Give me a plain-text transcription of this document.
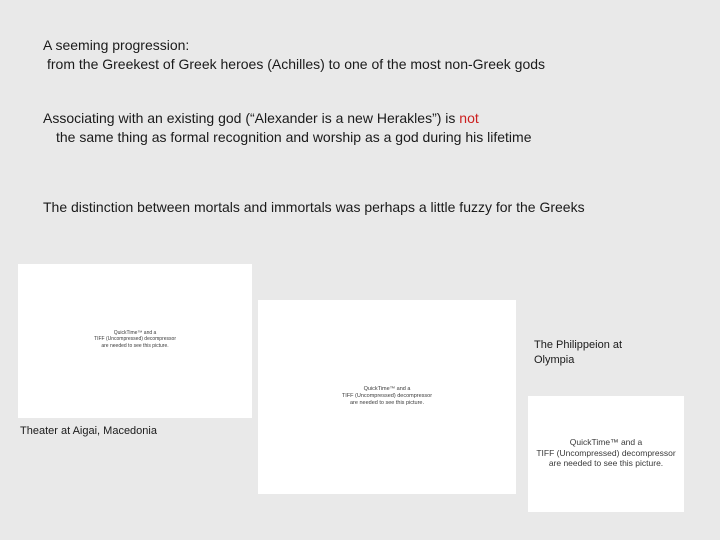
A seeming progression:
from the Greekest of Greek heroes (Achilles) to one of the most non-Greek gods
Associating with an existing god (“Alexander is a new Herakles”) is not
the same thing as formal recognition and worship as a god during his lifetime
The distinction between mortals and immortals was perhaps a little fuzzy for the Greeks
QuickTime™ and a
TIFF (Uncompressed) decompressor
are needed to see this picture.
QuickTime™ and a
TIFF (Uncompressed) decompressor
are needed to see this picture.
QuickTime™ and a
TIFF (Uncompressed) decompressor
are needed to see this picture.
Theater at Aigai, Macedonia
The Philippeion at
Olympia
